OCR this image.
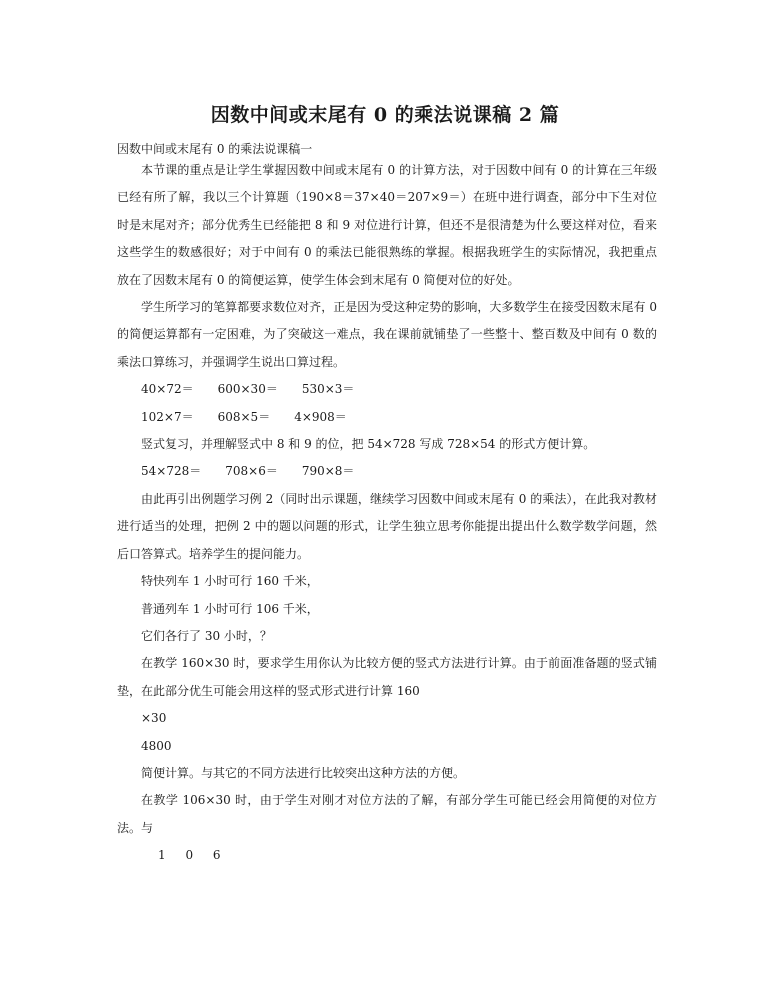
因数中间或末尾有 0 的乘法说课稿 2 篇
因数中间或末尾有 0 的乘法说课稿一

本节课的重点是让学生掌握因数中间或末尾有 0 的计算方法，对于因数中间有 0 的计算在三年级已经有所了解，我以三个计算题（190×8＝37×40＝207×9＝）在班中进行调查，部分中下生对位时是末尾对齐；部分优秀生已经能把 8 和 9 对位进行计算，但还不是很清楚为什么要这样对位，看来这些学生的数感很好；对于中间有 0 的乘法已能很熟练的掌握。根据我班学生的实际情况，我把重点放在了因数末尾有 0 的简便运算，使学生体会到末尾有 0 简便对位的好处。

学生所学习的笔算都要求数位对齐，正是因为受这种定势的影响，大多数学生在接受因数末尾有 0 的简便运算都有一定困难，为了突破这一难点，我在课前就铺垫了一些整十、整百数及中间有 0 数的乘法口算练习，并强调学生说出口算过程。

40×72＝　　600×30＝　　530×3＝

102×7＝　　608×5＝　　4×908＝

竖式复习，并理解竖式中 8 和 9 的位，把 54×728 写成 728×54 的形式方便计算。

54×728＝　　708×6＝　　790×8＝

由此再引出例题学习例 2（同时出示课题，继续学习因数中间或末尾有 0 的乘法），在此我对教材进行适当的处理，把例 2 中的题以问题的形式，让学生独立思考你能提出提出什么数学数学问题，然后口答算式。培养学生的提问能力。

特快列车 1 小时可行 160 千米，

普通列车 1 小时可行 106 千米，

它们各行了 30 小时，？

在教学 160×30 时，要求学生用你认为比较方便的竖式方法进行计算。由于前面准备题的竖式铺垫，在此部分优生可能会用这样的竖式形式进行计算 160

×30

4800

简便计算。与其它的不同方法进行比较突出这种方法的方便。

在教学 106×30 时，由于学生对刚才对位方法的了解，有部分学生可能已经会用简便的对位方法。与

1 0 6
